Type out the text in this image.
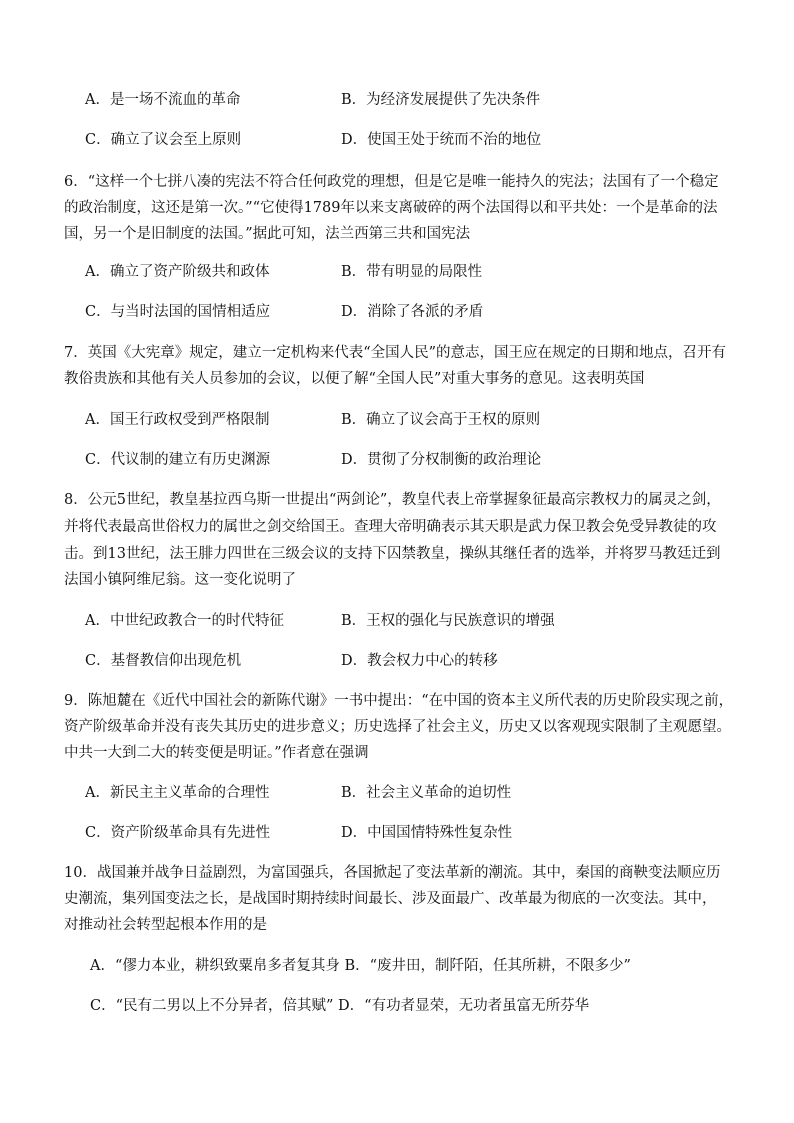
A．是一场不流血的革命	B．为经济发展提供了先决条件
C．确立了议会至上原则	D．使国王处于统而不治的地位
6．“这样一个七拼八凑的宪法不符合任何政党的理想，但是它是唯一能持久的宪法；法国有了一个稳定
的政治制度，这还是第一次。”“它使得1789年以来支离破碎的两个法国得以和平共处：一个是革命的法
国，另一个是旧制度的法国。”据此可知，法兰西第三共和国宪法
A．确立了资产阶级共和政体	B．带有明显的局限性
C．与当时法国的国情相适应	D．消除了各派的矛盾
7．英国《大宪章》规定，建立一定机构来代表“全国人民”的意志，国王应在规定的日期和地点，召开有
教俗贵族和其他有关人员参加的会议，以便了解“全国人民”对重大事务的意见。这表明英国
A．国王行政权受到严格限制	B．确立了议会高于王权的原则
C．代议制的建立有历史渊源	D．贯彻了分权制衡的政治理论
8．公元5世纪，教皇基拉西乌斯一世提出“两剑论”，教皇代表上帝掌握象征最高宗教权力的属灵之剑，
并将代表最高世俗权力的属世之剑交给国王。查理大帝明确表示其天职是武力保卫教会免受异教徒的攻
击。到13世纪，法王腓力四世在三级会议的支持下囚禁教皇，操纵其继任者的选举，并将罗马教廷迁到
法国小镇阿维尼翁。这一变化说明了
A．中世纪政教合一的时代特征	B．王权的强化与民族意识的增强
C．基督教信仰出现危机	D．教会权力中心的转移
9．陈旭麓在《近代中国社会的新陈代谢》一书中提出：“在中国的资本主义所代表的历史阶段实现之前，
资产阶级革命并没有丧失其历史的进步意义；历史选择了社会主义，历史又以客观现实限制了主观愿望。
中共一大到二大的转变便是明证。”作者意在强调
A．新民主主义革命的合理性	B．社会主义革命的迫切性
C．资产阶级革命具有先进性	D．中国国情特殊性复杂性
10．战国兼并战争日益剧烈，为富国强兵，各国掀起了变法革新的潮流。其中，秦国的商鞅变法顺应历
史潮流，集列国变法之长，是战国时期持续时间最长、涉及面最广、改革最为彻底的一次变法。其中，
对推动社会转型起根本作用的是
A．“僇力本业，耕织致粟帛多者复其身 B．“废井田，制阡陌，任其所耕，不限多少”
C．“民有二男以上不分异者，倍其赋” D．“有功者显荣，无功者虽富无所芬华
